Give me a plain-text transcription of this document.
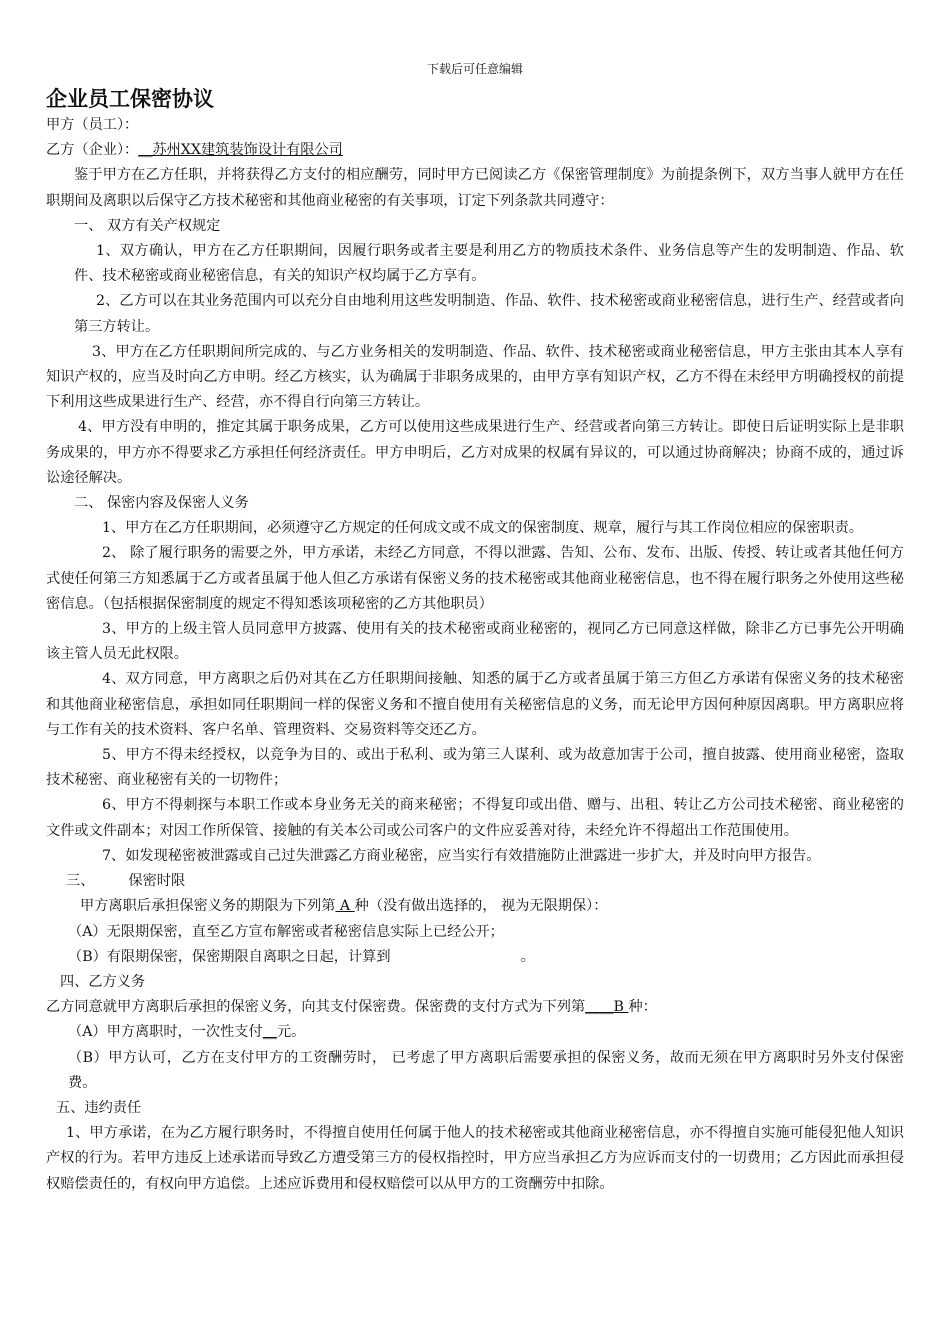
下载后可任意编辑
企业员工保密协议

甲方（员工）：

乙方（企业）：__苏州XX建筑装饰设计有限公司

鉴于甲方在乙方任职，并将获得乙方支付的相应酬劳，同时甲方已阅读乙方《保密管理制度》为前提条例下，双方当事人就甲方在任职期间及离职以后保守乙方技术秘密和其他商业秘密的有关事项，订定下列条款共同遵守：

一、 双方有关产权规定

1、双方确认，甲方在乙方任职期间，因履行职务或者主要是利用乙方的物质技术条件、业务信息等产生的发明制造、作品、软件、技术秘密或商业秘密信息，有关的知识产权均属于乙方享有。

2、乙方可以在其业务范围内可以充分自由地利用这些发明制造、作品、软件、技术秘密或商业秘密信息，进行生产、经营或者向第三方转让。

3、甲方在乙方任职期间所完成的、与乙方业务相关的发明制造、作品、软件、技术秘密或商业秘密信息，甲方主张由其本人享有知识产权的，应当及时向乙方申明。经乙方核实，认为确属于非职务成果的，由甲方享有知识产权，乙方不得在未经甲方明确授权的前提下利用这些成果进行生产、经营，亦不得自行向第三方转让。

4、甲方没有申明的，推定其属于职务成果，乙方可以使用这些成果进行生产、经营或者向第三方转让。即使日后证明实际上是非职务成果的，甲方亦不得要求乙方承担任何经济责任。甲方申明后，乙方对成果的权属有异议的，可以通过协商解决；协商不成的，通过诉讼途径解决。

二、 保密内容及保密人义务

1、甲方在乙方任职期间，必须遵守乙方规定的任何成文或不成文的保密制度、规章，履行与其工作岗位相应的保密职责。

2、 除了履行职务的需要之外，甲方承诺，未经乙方同意，不得以泄露、告知、公布、发布、出版、传授、转让或者其他任何方式使任何第三方知悉属于乙方或者虽属于他人但乙方承诺有保密义务的技术秘密或其他商业秘密信息，也不得在履行职务之外使用这些秘密信息。（包括根据保密制度的规定不得知悉该项秘密的乙方其他职员）

3、甲方的上级主管人员同意甲方披露、使用有关的技术秘密或商业秘密的，视同乙方已同意这样做，除非乙方已事先公开明确该主管人员无此权限。

4、双方同意，甲方离职之后仍对其在乙方任职期间接触、知悉的属于乙方或者虽属于第三方但乙方承诺有保密义务的技术秘密和其他商业秘密信息，承担如同任职期间一样的保密义务和不擅自使用有关秘密信息的义务，而无论甲方因何种原因离职。甲方离职应将与工作有关的技术资料、客户名单、管理资料、交易资料等交还乙方。

5、甲方不得未经授权，以竞争为目的、或出于私利、或为第三人谋利、或为故意加害于公司，擅自披露、使用商业秘密，盗取技术秘密、商业秘密有关的一切物件；

6、甲方不得刺探与本职工作或本身业务无关的商来秘密；不得复印或出借、赠与、出租、转让乙方公司技术秘密、商业秘密的文件或文件副本；对因工作所保管、接触的有关本公司或公司客户的文件应妥善对待，未经允许不得超出工作范围使用。

7、如发现秘密被泄露或自己过失泄露乙方商业秘密，应当实行有效措施防止泄露进一步扩大，并及时向甲方报告。

三、 保密时限

甲方离职后承担保密义务的期限为下列第 A 种（没有做出选择的， 视为无限期保）：

（A）无限期保密，直至乙方宣布解密或者秘密信息实际上已经公开；

（B）有限期保密，保密期限自离职之日起，计算到	。

四、乙方义务

乙方同意就甲方离职后承担的保密义务，向其支付保密费。保密费的支付方式为下列第____B 种：

（A）甲方离职时，一次性支付__元。

（B）甲方认可，乙方在支付甲方的工资酬劳时， 已考虑了甲方离职后需要承担的保密义务，故而无须在甲方离职时另外支付保密费。

五、违约责任

1、甲方承诺，在为乙方履行职务时，不得擅自使用任何属于他人的技术秘密或其他商业秘密信息，亦不得擅自实施可能侵犯他人知识产权的行为。若甲方违反上述承诺而导致乙方遭受第三方的侵权指控时，甲方应当承担乙方为应诉而支付的一切费用；乙方因此而承担侵权赔偿责任的，有权向甲方追偿。上述应诉费用和侵权赔偿可以从甲方的工资酬劳中扣除。
